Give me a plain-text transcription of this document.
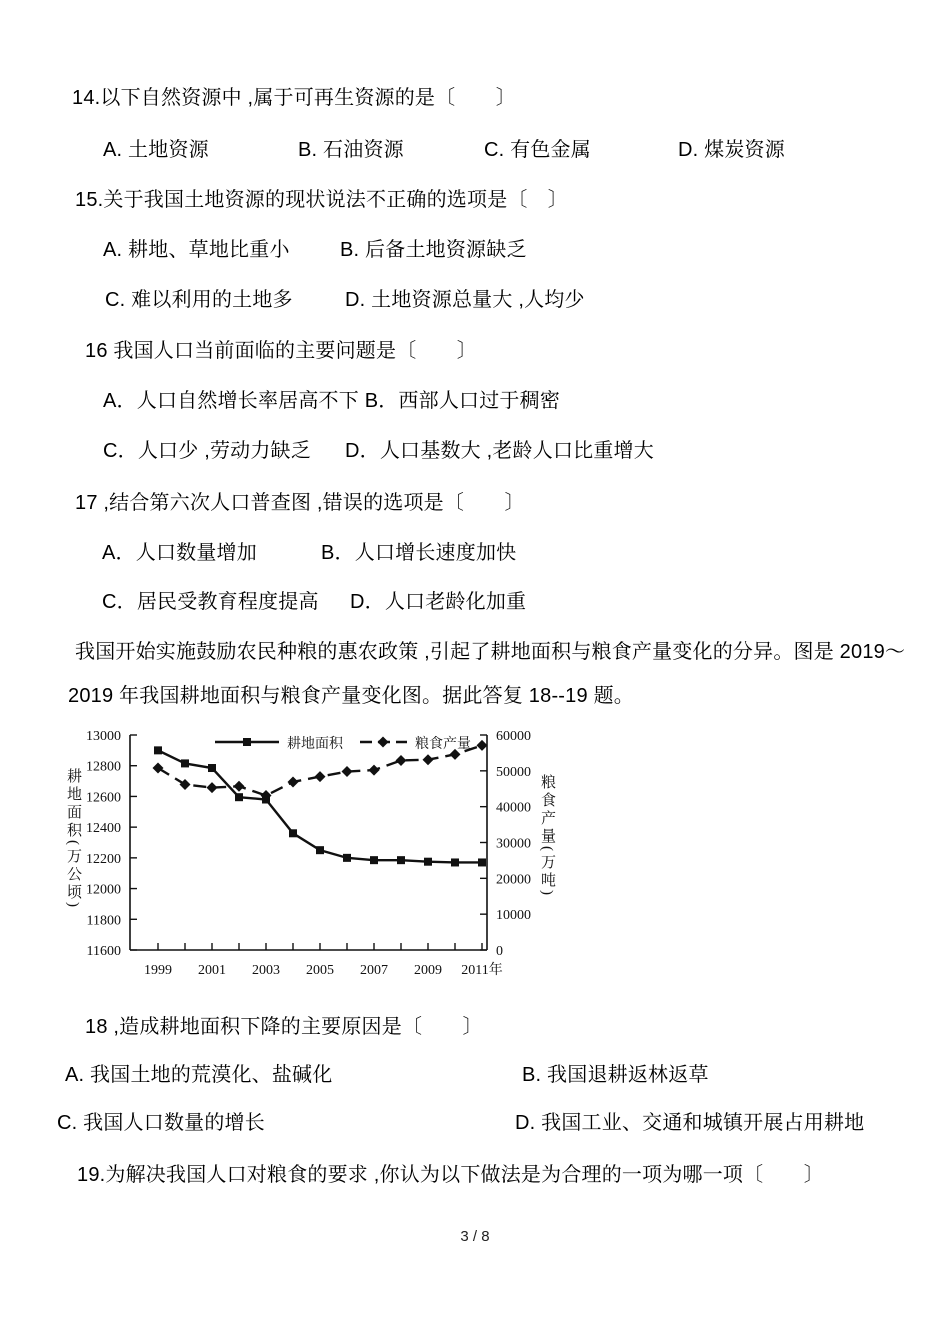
14.以下自然资源中 ,属于可再生资源的是〔　　〕
A. 土地资源	B. 石油资源	C. 有色金属	D. 煤炭资源
15.关于我国土地资源的现状说法不正确的选项是〔　〕
A. 耕地、草地比重小	B. 后备土地资源缺乏
C. 难以利用的土地多	D. 土地资源总量大 ,人均少
16 我国人口当前面临的主要问题是〔　　〕
A．人口自然增长率居高不下 B．西部人口过于稠密
C．人口少 ,劳动力缺乏 D．人口基数大 ,老龄人口比重增大
17 ,结合第六次人口普查图 ,错误的选项是〔　　〕
A．人口数量增加	B．人口增长速度加快
C．居民受教育程度提高 D．人口老龄化加重
我国开始实施鼓励农民种粮的惠农政策 ,引起了耕地面积与粮食产量变化的分异。图是 2019～
2019 年我国耕地面积与粮食产量变化图。据此答复 18--19 题。
耕地面积(万公顷)	粮食产量(万吨)
13000
12800
12600
12400
12200
12000
11800
11600
60000
50000
40000
30000
20000
10000
0
1999 2001 2003 2005 2007 2009 2011年
耕地面积	粮食产量
18 ,造成耕地面积下降的主要原因是〔　　〕
A. 我国土地的荒漠化、盐碱化	B. 我国退耕返林返草
C. 我国人口数量的增长	D. 我国工业、交通和城镇开展占用耕地
19.为解决我国人口对粮食的要求 ,你认为以下做法是为合理的一项为哪一项〔　　〕
3 / 8
